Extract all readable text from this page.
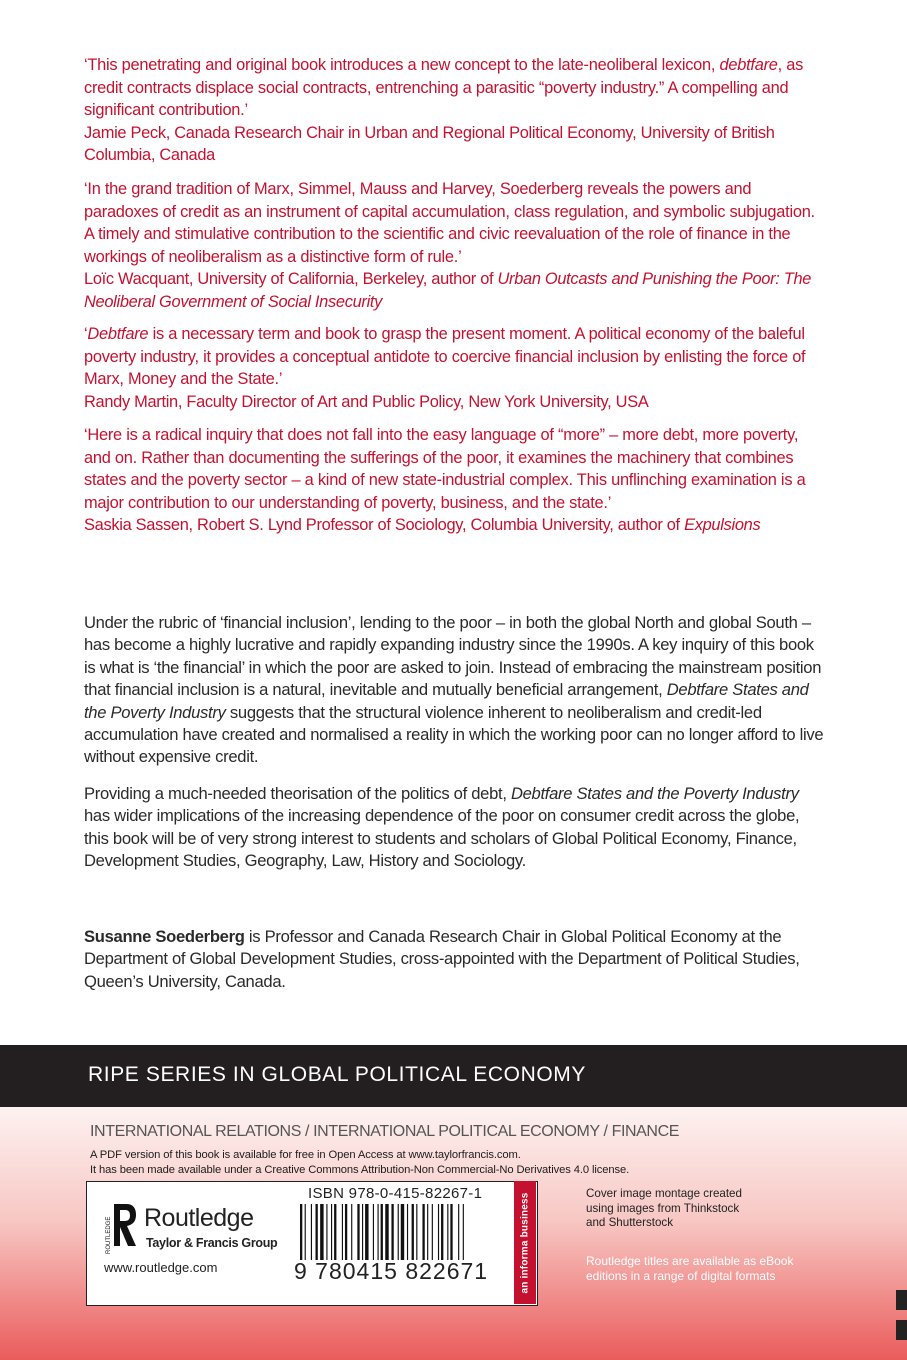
‘This penetrating and original book introduces a new concept to the late-neoliberal lexicon, debtfare, as credit contracts displace social contracts, entrenching a parasitic “poverty industry.” A compelling and significant contribution.’

Jamie Peck, Canada Research Chair in Urban and Regional Political Economy, University of British Columbia, Canada

‘In the grand tradition of Marx, Simmel, Mauss and Harvey, Soederberg reveals the powers and paradoxes of credit as an instrument of capital accumulation, class regulation, and symbolic subjugation. A timely and stimulative contribution to the scientific and civic reevaluation of the role of finance in the workings of neoliberalism as a distinctive form of rule.’

Loïc Wacquant, University of California, Berkeley, author of Urban Outcasts and Punishing the Poor: The Neoliberal Government of Social Insecurity

‘Debtfare is a necessary term and book to grasp the present moment. A political economy of the baleful poverty industry, it provides a conceptual antidote to coercive financial inclusion by enlisting the force of Marx, Money and the State.’

Randy Martin, Faculty Director of Art and Public Policy, New York University, USA

‘Here is a radical inquiry that does not fall into the easy language of “more” – more debt, more poverty, and on. Rather than documenting the sufferings of the poor, it examines the machinery that combines states and the poverty sector – a kind of new state-industrial complex. This unflinching examination is a major contribution to our understanding of poverty, business, and the state.’

Saskia Sassen, Robert S. Lynd Professor of Sociology, Columbia University, author of Expulsions

Under the rubric of ‘financial inclusion’, lending to the poor – in both the global North and global South – has become a highly lucrative and rapidly expanding industry since the 1990s. A key inquiry of this book is what is ‘the financial’ in which the poor are asked to join. Instead of embracing the mainstream position that financial inclusion is a natural, inevitable and mutually beneficial arrangement, Debtfare States and the Poverty Industry suggests that the structural violence inherent to neoliberalism and credit-led accumulation have created and normalised a reality in which the working poor can no longer afford to live without expensive credit.

Providing a much-needed theorisation of the politics of debt, Debtfare States and the Poverty Industry has wider implications of the increasing dependence of the poor on consumer credit across the globe, this book will be of very strong interest to students and scholars of Global Political Economy, Finance, Development Studies, Geography, Law, History and Sociology.

Susanne Soederberg is Professor and Canada Research Chair in Global Political Economy at the Department of Global Development Studies, cross-appointed with the Department of Political Studies, Queen’s University, Canada.

RIPE SERIES IN GLOBAL POLITICAL ECONOMY
INTERNATIONAL RELATIONS / INTERNATIONAL POLITICAL ECONOMY / FINANCE
A PDF version of this book is available for free in Open Access at www.taylorfrancis.com.
It has been made available under a Creative Commons Attribution-Non Commercial-No Derivatives 4.0 license.
ROUTLEDGE Routledge
Taylor & Francis Group
www.routledge.com
ISBN 978-0-415-82267-1
9 780415 822671	an informa business	Cover image montage created
using images from Thinkstock
and Shutterstock
Routledge titles are available as eBook
editions in a range of digital formats
